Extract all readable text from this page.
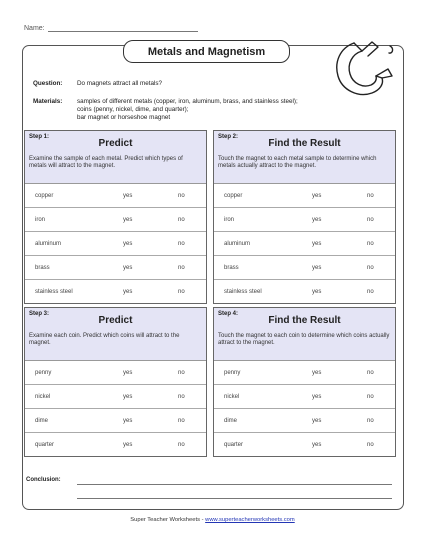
Name:
Metals and Magnetism
Question: Do magnets attract all metals?
Materials: samples of different metals (copper, iron, aluminum, brass, and stainless steel);
coins (penny, nickel, dime, and quarter);
bar magnet or horseshoe magnet
Step 1:
Predict
Examine the sample of each metal. Predict which types of metals will attract to the magnet.
copper	yes	no
iron	yes	no
aluminum	yes	no
brass	yes	no
stainless steel	yes	no
Step 2:
Find the Result
Touch the magnet to each metal sample to determine which metals actually attract to the magnet.
copper	yes	no
iron	yes	no
aluminum	yes	no
brass	yes	no
stainless steel	yes	no
Step 3:
Predict
Examine each coin. Predict which coins will attract to the magnet.
penny	yes	no
nickel	yes	no
dime	yes	no
quarter	yes	no
Step 4:
Find the Result
Touch the magnet to each coin to determine which coins actually attract to the magnet.
penny	yes	no
nickel	yes	no
dime	yes	no
quarter	yes	no
Conclusion:
Super Teacher Worksheets - www.superteacherworksheets.com
